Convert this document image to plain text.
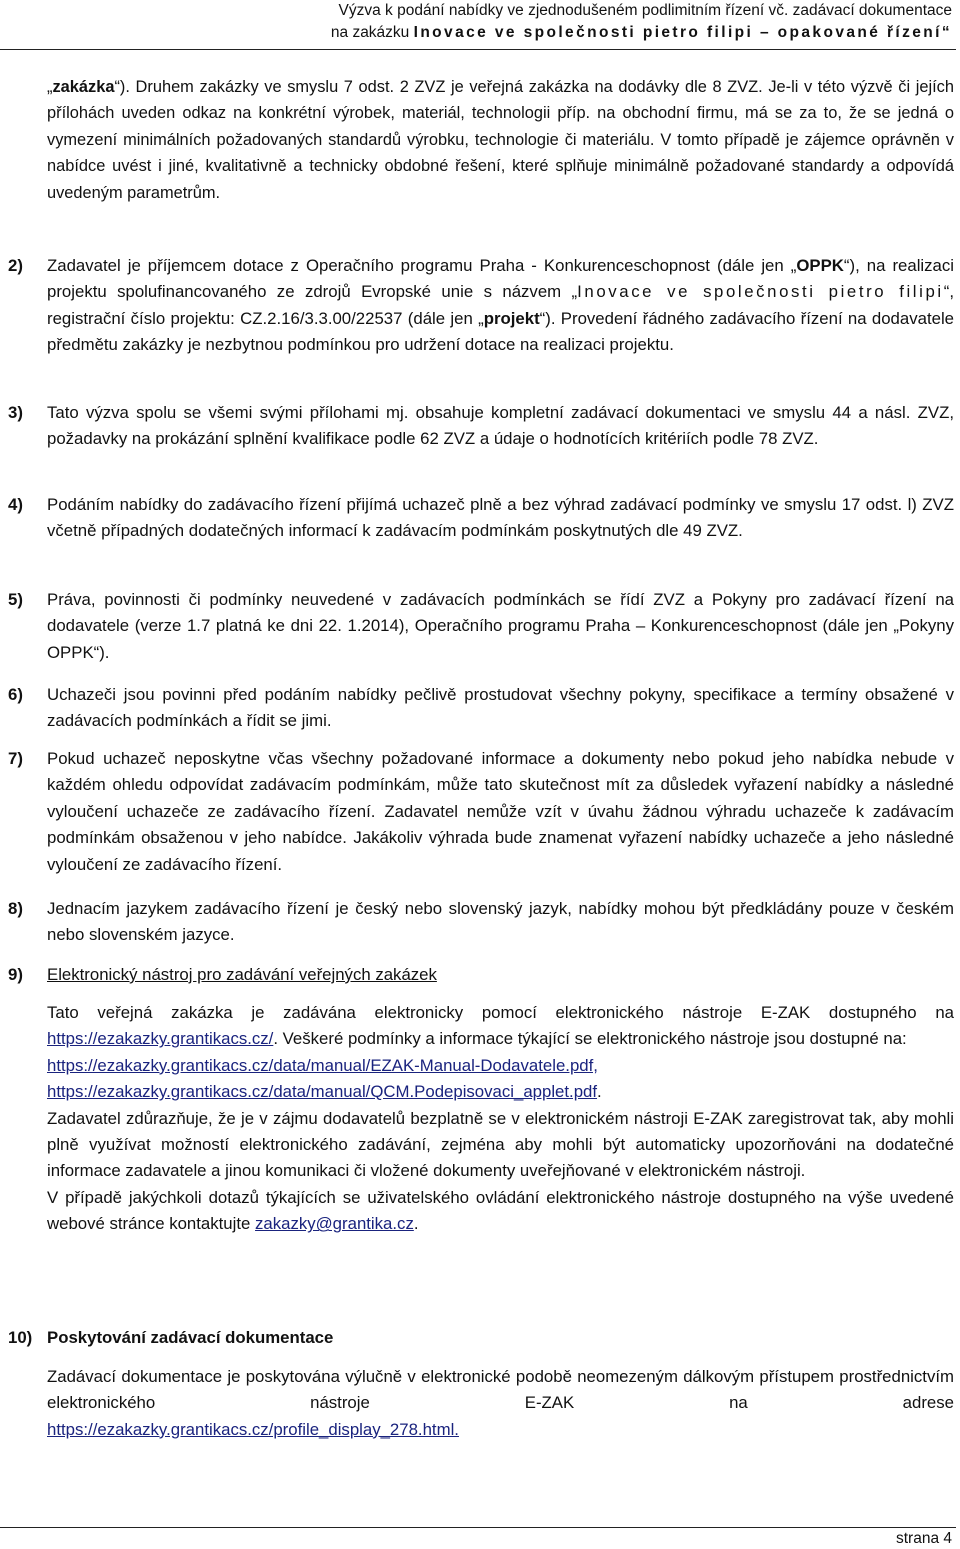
Výzva k podání nabídky ve zjednodušeném podlimitním řízení vč. zadávací dokumentace
na zakázku Inovace ve společnosti pietro filipi – opakované řízení“
„zakázka“). Druhem zakázky ve smyslu 7 odst. 2 ZVZ je veřejná zakázka na dodávky dle 8 ZVZ. Je-li v této výzvě či jejích přílohách uveden odkaz na konkrétní výrobek, materiál, technologii příp. na obchodní firmu, má se za to, že se jedná o vymezení minimálních požadovaných standardů výrobku, technologie či materiálu. V tomto případě je zájemce oprávněn v nabídce uvést i jiné, kvalitativně a technicky obdobné řešení, které splňuje minimálně požadované standardy a odpovídá uvedeným parametrům.
2) Zadavatel je příjemcem dotace z Operačního programu Praha - Konkurenceschopnost (dále jen „OPPK“), na realizaci projektu spolufinancovaného ze zdrojů Evropské unie s názvem „Inovace ve společnosti pietro filipi“, registrační číslo projektu: CZ.2.16/3.3.00/22537 (dále jen „projekt“). Provedení řádného zadávacího řízení na dodavatele předmětu zakázky je nezbytnou podmínkou pro udržení dotace na realizaci projektu.
3) Tato výzva spolu se všemi svými přílohami mj. obsahuje kompletní zadávací dokumentaci ve smyslu 44 a násl. ZVZ, požadavky na prokázání splnění kvalifikace podle 62 ZVZ a údaje o hodnotících kritériích podle 78 ZVZ.
4) Podáním nabídky do zadávacího řízení přijímá uchazeč plně a bez výhrad zadávací podmínky ve smyslu 17 odst. l) ZVZ včetně případných dodatečných informací k zadávacím podmínkám poskytnutých dle 49 ZVZ.
5) Práva, povinnosti či podmínky neuvedené v zadávacích podmínkách se řídí ZVZ a Pokyny pro zadávací řízení na dodavatele (verze 1.7 platná ke dni 22. 1.2014), Operačního programu Praha – Konkurenceschopnost (dále jen „Pokyny OPPK“).
6) Uchazeči jsou povinni před podáním nabídky pečlivě prostudovat všechny pokyny, specifikace a termíny obsažené v zadávacích podmínkách a řídit se jimi.
7) Pokud uchazeč neposkytne včas všechny požadované informace a dokumenty nebo pokud jeho nabídka nebude v každém ohledu odpovídat zadávacím podmínkám, může tato skutečnost mít za důsledek vyřazení nabídky a následné vyloučení uchazeče ze zadávacího řízení. Zadavatel nemůže vzít v úvahu žádnou výhradu uchazeče k zadávacím podmínkám obsaženou v jeho nabídce. Jakákoliv výhrada bude znamenat vyřazení nabídky uchazeče a jeho následné vyloučení ze zadávacího řízení.
8) Jednacím jazykem zadávacího řízení je český nebo slovenský jazyk, nabídky mohou být předkládány pouze v českém nebo slovenském jazyce.
9) Elektronický nástroj pro zadávání veřejných zakázek
Tato veřejná zakázka je zadávána elektronicky pomocí elektronického nástroje E-ZAK dostupného na https://ezakazky.grantikacs.cz/. Veškeré podmínky a informace týkající se elektronického nástroje jsou dostupné na:
https://ezakazky.grantikacs.cz/data/manual/EZAK-Manual-Dodavatele.pdf,
https://ezakazky.grantikacs.cz/data/manual/QCM.Podepisovaci_applet.pdf.
Zadavatel zdůrazňuje, že je v zájmu dodavatelů bezplatně se v elektronickém nástroji E-ZAK zaregistrovat tak, aby mohli plně využívat možností elektronického zadávání, zejména aby mohli být automaticky upozorňováni na dodatečné informace zadavatele a jinou komunikaci či vložené dokumenty uveřejňované v elektronickém nástroji.
V případě jakýchkoli dotazů týkajících se uživatelského ovládání elektronického nástroje dostupného na výše uvedené webové stránce kontaktujte zakazky@grantika.cz.
10) Poskytování zadávací dokumentace
Zadávací dokumentace je poskytována výlučně v elektronické podobě neomezeným dálkovým přístupem prostřednictvím elektronického nástroje E-ZAK na adrese
https://ezakazky.grantikacs.cz/profile_display_278.html.
strana 4
